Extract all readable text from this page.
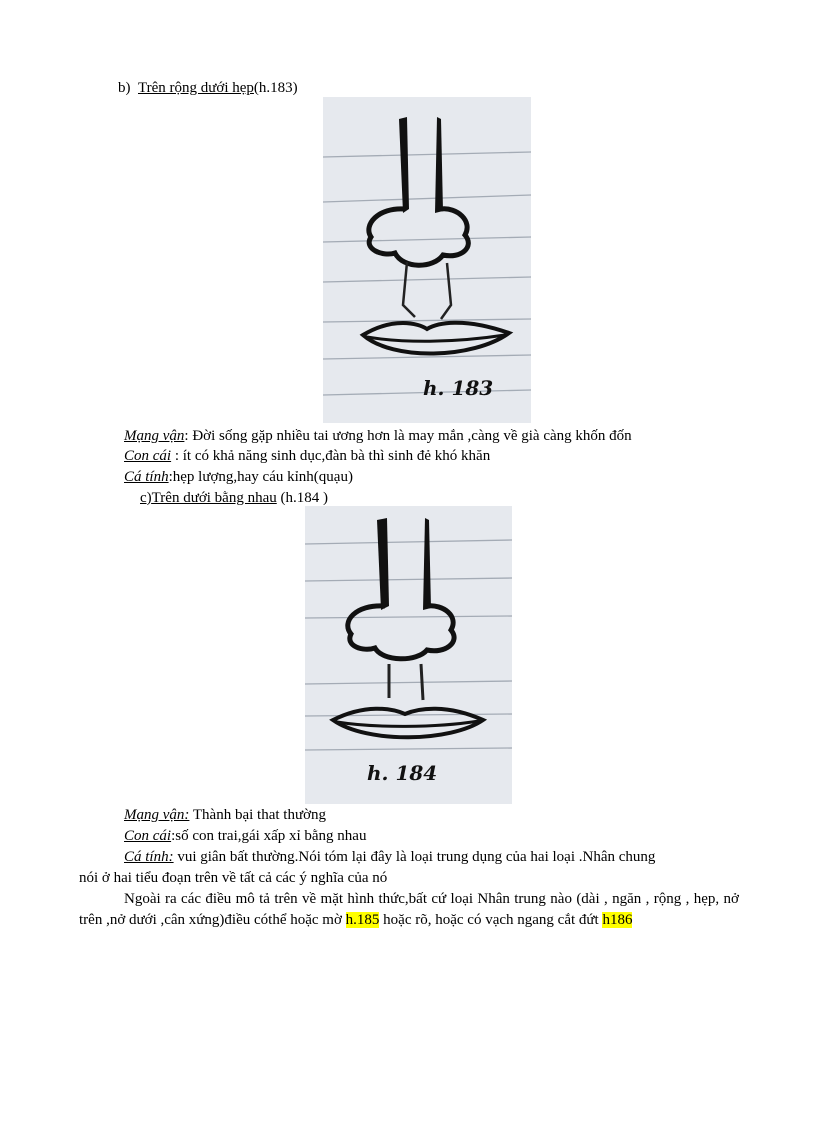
b) Trên rộng dưới hẹp(h.183)
h. 183
Mạng vận: Đời sống gặp nhiều tai ương hơn là may mắn ,càng về già càng khốn đốn
Con cái : ít có khả năng sinh dục,đàn bà thì sinh đẻ khó khăn
Cá tính:hẹp lượng,hay cáu kỉnh(quạu)
c)Trên dưới bằng nhau (h.184 )
h. 184
Mạng vận: Thành bại that thường
Con cái:số con trai,gái xấp xỉ bằng nhau
Cá tính: vui giân bất thường.Nói tóm lại đây là loại trung dụng của hai loại .Nhân chung
nói ở hai tiểu đoạn trên về tất cả các ý nghĩa của nó
Ngoài ra các điều mô tả trên về mặt hình thức,bất cứ loại Nhân trung nào (dài , ngăn , rộng , hẹp, nở trên ,nở dưới ,cân xứng)điều cóthể hoặc mờ h.185 hoặc rõ, hoặc có vạch ngang cắt đứt h186
